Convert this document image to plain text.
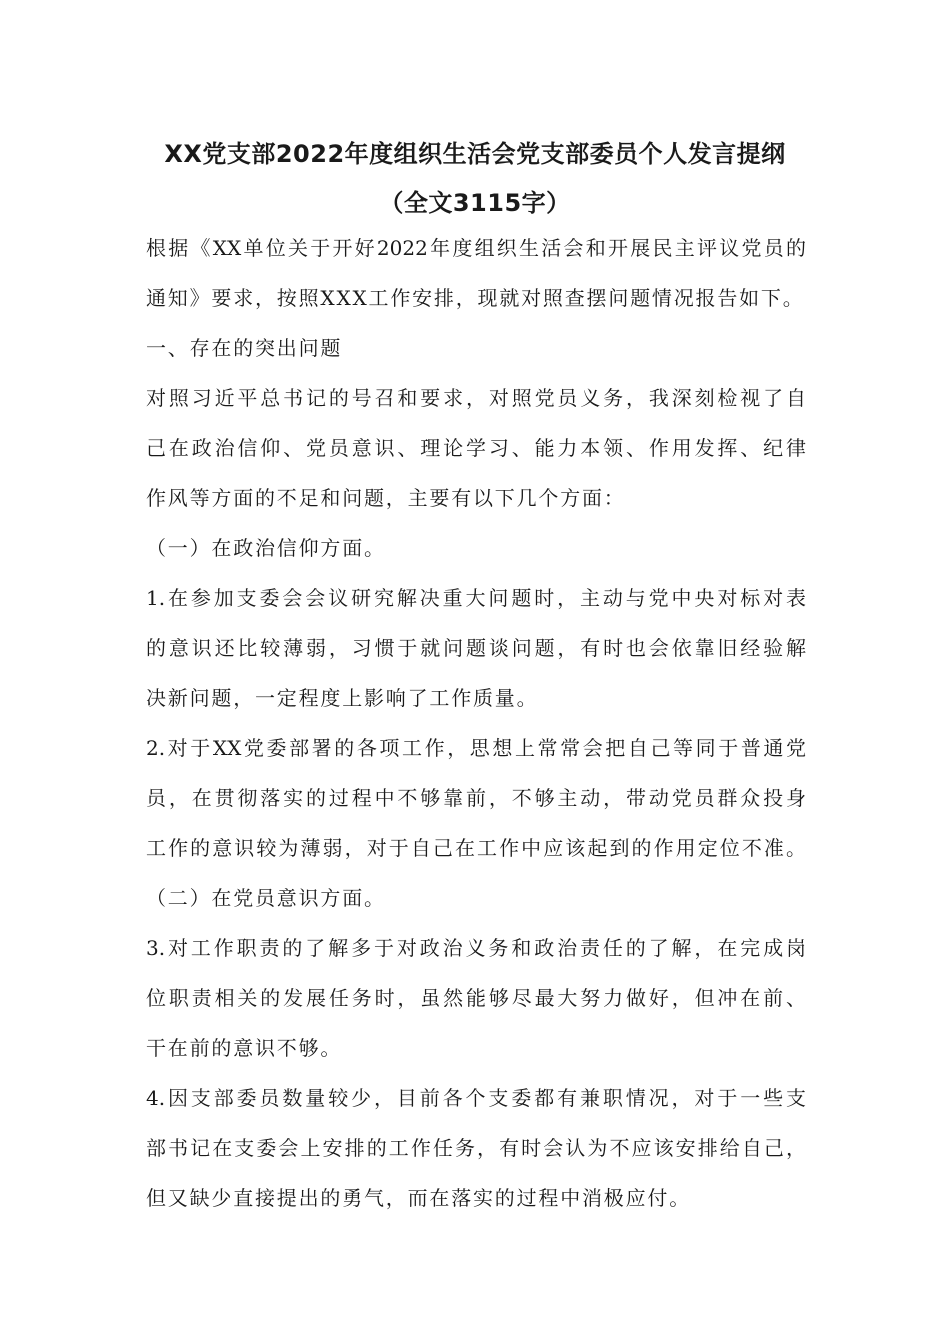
XX党支部2022年度组织生活会党支部委员个人发言提纲
（全文3115字）

根据《XX单位关于开好2022年度组织生活会和开展民主评议党员的

通知》要求，按照XXX工作安排，现就对照查摆问题情况报告如下。

一、存在的突出问题

对照习近平总书记的号召和要求，对照党员义务，我深刻检视了自

己在政治信仰、党员意识、理论学习、能力本领、作用发挥、纪律

作风等方面的不足和问题，主要有以下几个方面：

（一）在政治信仰方面。

1.在参加支委会会议研究解决重大问题时，主动与党中央对标对表

的意识还比较薄弱，习惯于就问题谈问题，有时也会依靠旧经验解

决新问题，一定程度上影响了工作质量。

2.对于XX党委部署的各项工作，思想上常常会把自己等同于普通党

员，在贯彻落实的过程中不够靠前，不够主动，带动党员群众投身

工作的意识较为薄弱，对于自己在工作中应该起到的作用定位不准。

（二）在党员意识方面。

3.对工作职责的了解多于对政治义务和政治责任的了解，在完成岗

位职责相关的发展任务时，虽然能够尽最大努力做好，但冲在前、

干在前的意识不够。

4.因支部委员数量较少，目前各个支委都有兼职情况，对于一些支

部书记在支委会上安排的工作任务，有时会认为不应该安排给自己，

但又缺少直接提出的勇气，而在落实的过程中消极应付。
